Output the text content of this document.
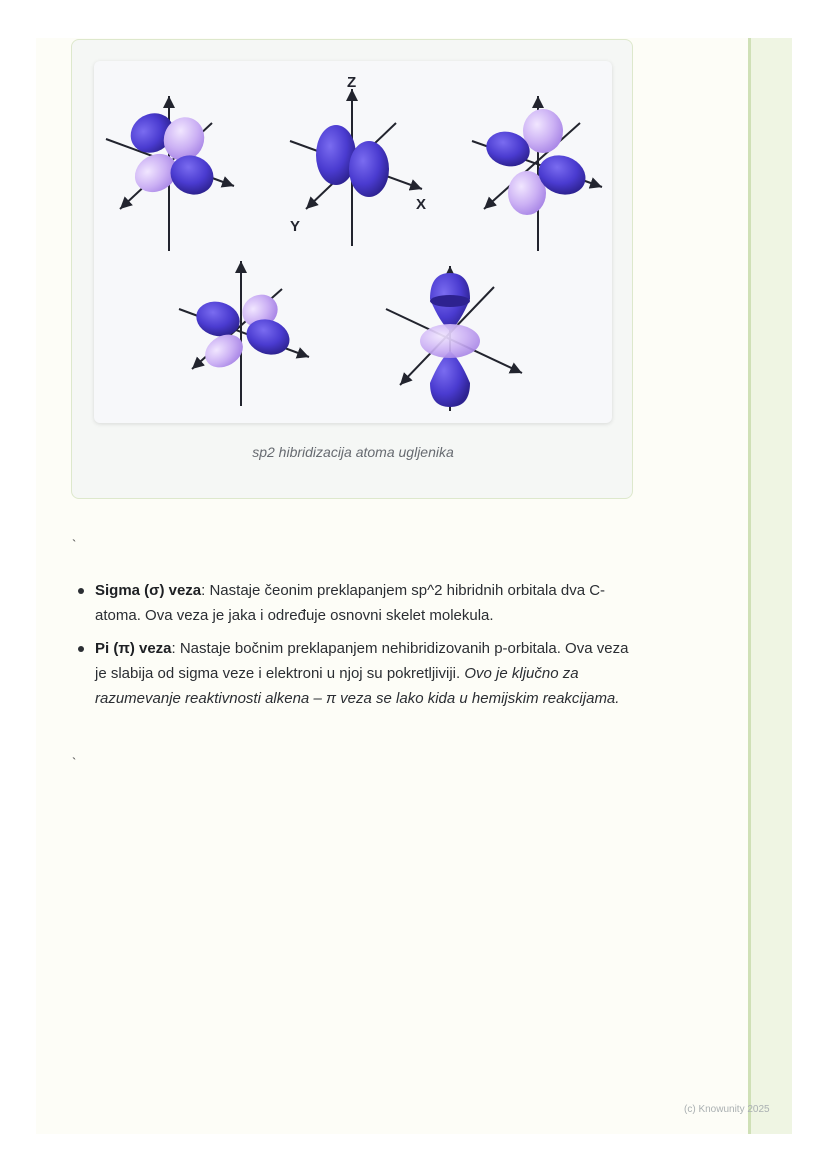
Z
X
Y
sp2 hibridizacija atoma ugljenika
`
Sigma (σ) veza: Nastaje čeonim preklapanjem sp^2 hibridnih orbitala dva C-atoma. Ova veza je jaka i određuje osnovni skelet molekula.
Pi (π) veza: Nastaje bočnim preklapanjem nehibridizovanih p-orbitala. Ova veza je slabija od sigma veze i elektroni u njoj su pokretljiviji. Ovo je ključno za razumevanje reaktivnosti alkena – π veza se lako kida u hemijskim reakcijama.
`
(c) Knowunity 2025
